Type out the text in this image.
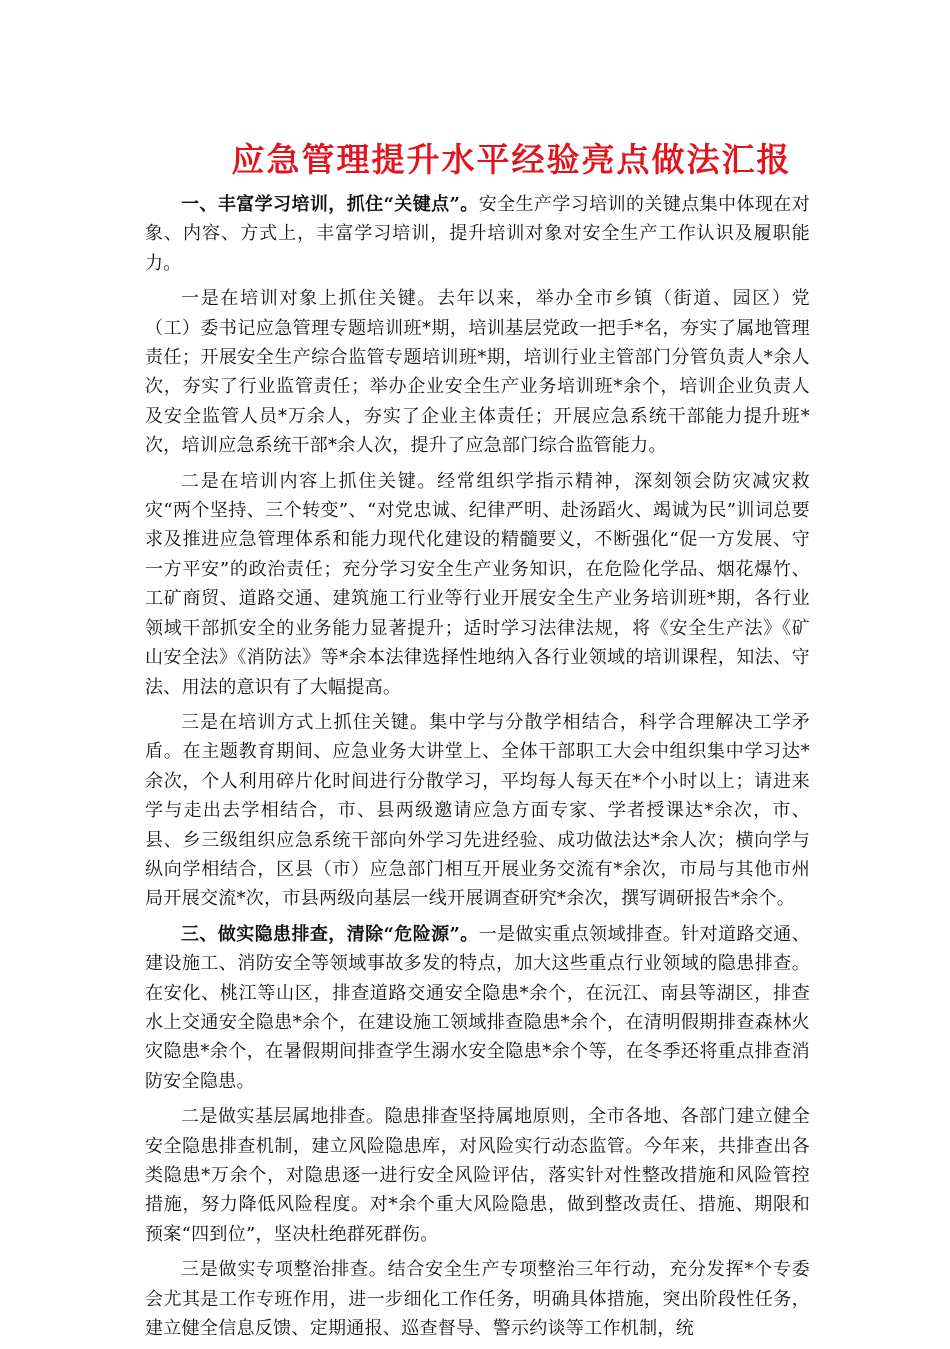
应急管理提升水平经验亮点做法汇报

一、丰富学习培训，抓住“关键点”。安全生产学习培训的关键点集中体现在对象、内容、方式上，丰富学习培训，提升培训对象对安全生产工作认识及履职能力。

一是在培训对象上抓住关键。去年以来，举办全市乡镇（街道、园区）党（工）委书记应急管理专题培训班*期，培训基层党政一把手*名，夯实了属地管理责任；开展安全生产综合监管专题培训班*期，培训行业主管部门分管负责人*余人次，夯实了行业监管责任；举办企业安全生产业务培训班*余个，培训企业负责人及安全监管人员*万余人，夯实了企业主体责任；开展应急系统干部能力提升班*次，培训应急系统干部*余人次，提升了应急部门综合监管能力。

二是在培训内容上抓住关键。经常组织学指示精神，深刻领会防灾减灾救灾“两个坚持、三个转变”、“对党忠诚、纪律严明、赴汤蹈火、竭诚为民”训词总要求及推进应急管理体系和能力现代化建设的精髓要义，不断强化“促一方发展、守一方平安”的政治责任；充分学习安全生产业务知识，在危险化学品、烟花爆竹、工矿商贸、道路交通、建筑施工行业等行业开展安全生产业务培训班*期，各行业领域干部抓安全的业务能力显著提升；适时学习法律法规，将《安全生产法》《矿山安全法》《消防法》等*余本法律选择性地纳入各行业领域的培训课程，知法、守法、用法的意识有了大幅提高。

三是在培训方式上抓住关键。集中学与分散学相结合，科学合理解决工学矛盾。在主题教育期间、应急业务大讲堂上、全体干部职工大会中组织集中学习达*余次，个人利用碎片化时间进行分散学习，平均每人每天在*个小时以上；请进来学与走出去学相结合，市、县两级邀请应急方面专家、学者授课达*余次，市、县、乡三级组织应急系统干部向外学习先进经验、成功做法达*余人次；横向学与纵向学相结合，区县（市）应急部门相互开展业务交流有*余次，市局与其他市州局开展交流*次，市县两级向基层一线开展调查研究*余次，撰写调研报告*余个。

三、做实隐患排查，清除“危险源”。一是做实重点领域排查。针对道路交通、建设施工、消防安全等领域事故多发的特点，加大这些重点行业领域的隐患排查。在安化、桃江等山区，排查道路交通安全隐患*余个，在沅江、南县等湖区，排查水上交通安全隐患*余个，在建设施工领域排查隐患*余个，在清明假期排查森林火灾隐患*余个，在暑假期间排查学生溺水安全隐患*余个等，在冬季还将重点排查消防安全隐患。

二是做实基层属地排查。隐患排查坚持属地原则，全市各地、各部门建立健全安全隐患排查机制，建立风险隐患库，对风险实行动态监管。今年来，共排查出各类隐患*万余个，对隐患逐一进行安全风险评估，落实针对性整改措施和风险管控措施，努力降低风险程度。对*余个重大风险隐患，做到整改责任、措施、期限和预案“四到位”，坚决杜绝群死群伤。

三是做实专项整治排查。结合安全生产专项整治三年行动，充分发挥*个专委会尤其是工作专班作用，进一步细化工作任务，明确具体措施，突出阶段性任务，建立健全信息反馈、定期通报、巡查督导、警示约谈等工作机制，统
